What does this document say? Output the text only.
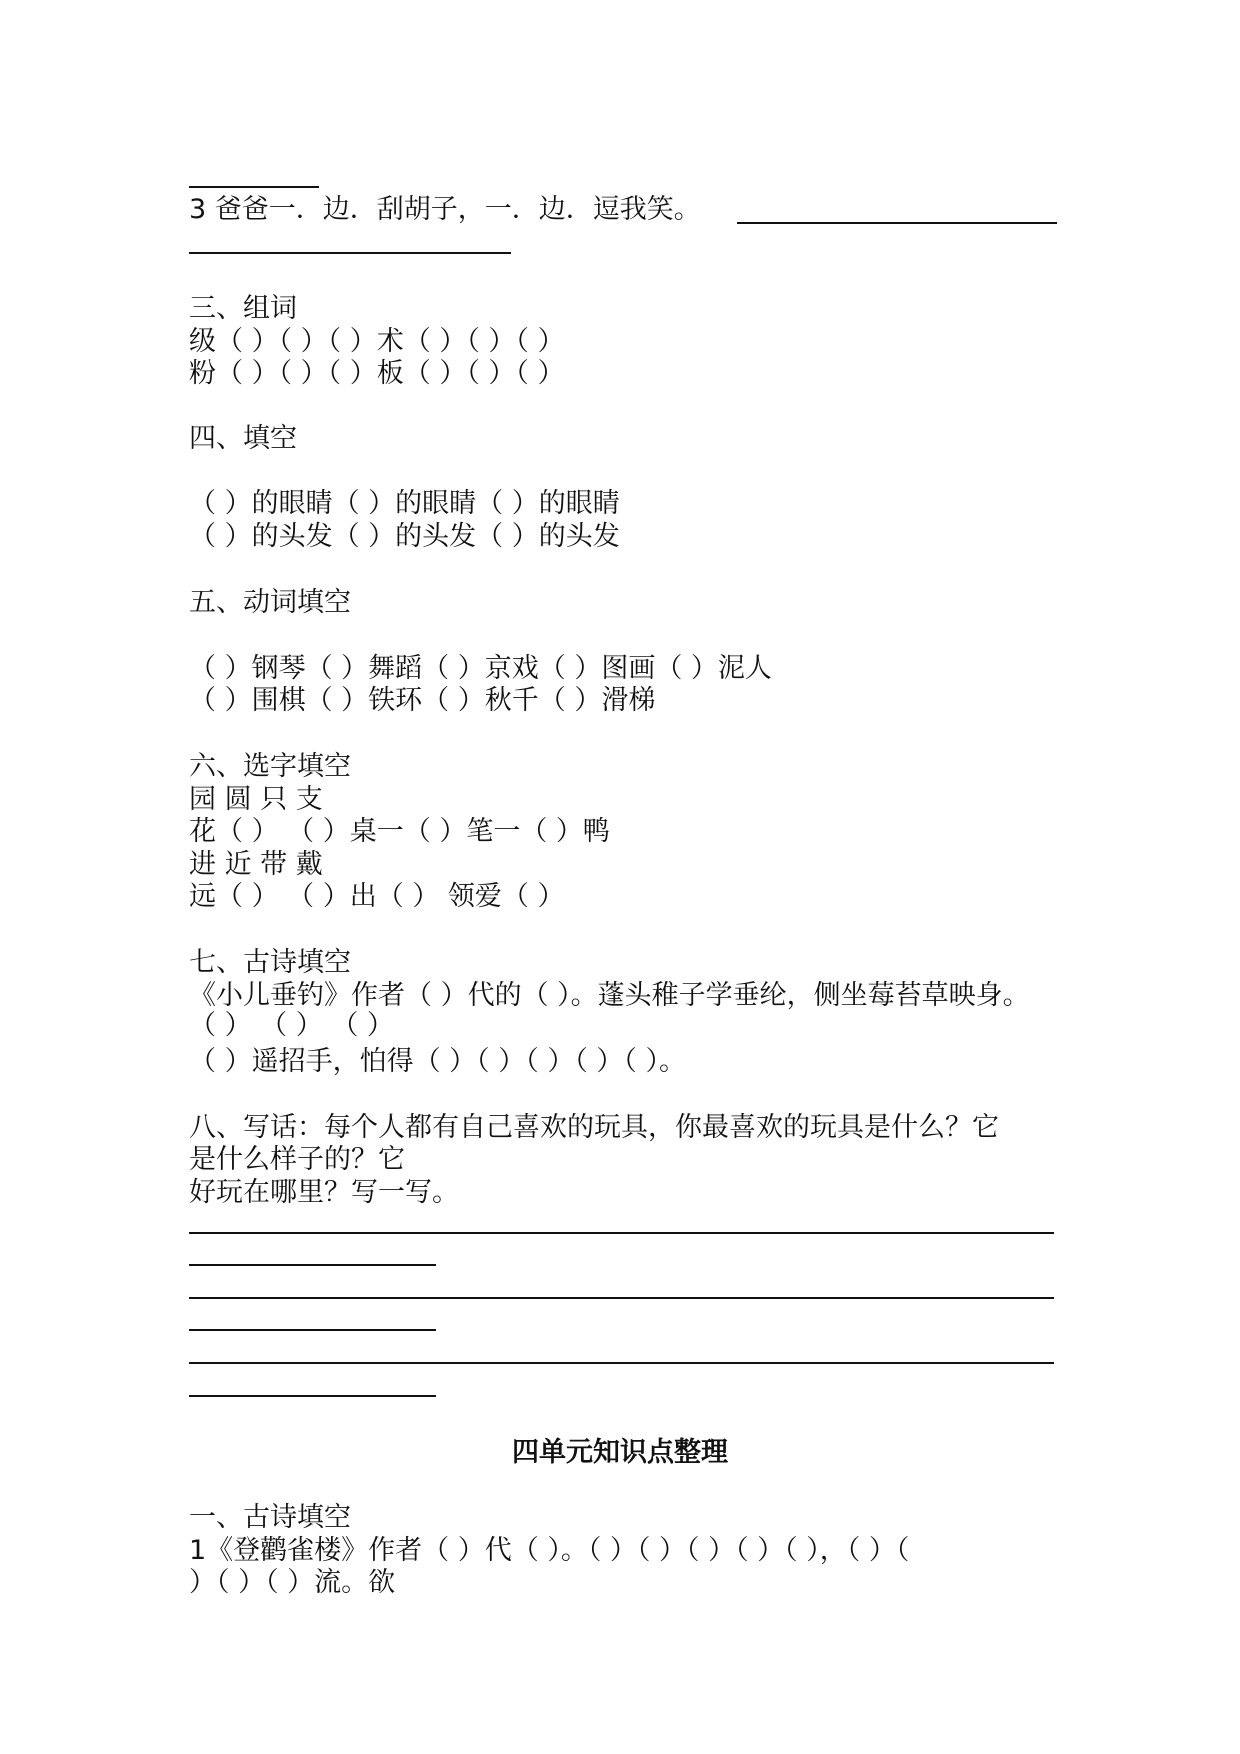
3 爸爸一．边．刮胡子，一．边．逗我笑。
三、组词
级（ ）（ ）（ ）术（ ）（ ）（ ）
粉（ ）（ ）（ ）板（ ）（ ）（ ）
四、填空
（ ）的眼睛（ ）的眼睛（ ）的眼睛
（ ）的头发（ ）的头发（ ）的头发
五、动词填空
（ ）钢琴（ ）舞蹈（ ）京戏（ ）图画（ ）泥人
（ ）围棋（ ）铁环（ ）秋千（ ）滑梯
六、选字填空
园 圆 只 支
花（ ） （ ）桌一（ ）笔一（ ）鸭
进 近 带 戴
远（ ） （ ）出（ ） 领爱（ ）
七、古诗填空
《小儿垂钓》作者（ ）代的（ ）。蓬头稚子学垂纶，侧坐莓苔草映身。
（ ） （ ） （ ）
（ ）遥招手，怕得（ ）（ ）（ ）（ ）（ ）。
八、写话：每个人都有自己喜欢的玩具，你最喜欢的玩具是什么？它
是什么样子的？它
好玩在哪里？写一写。
四单元知识点整理
一、古诗填空
1《登鹳雀楼》作者（ ）代（ ）。（ ）（ ）（ ）（ ）（ ），（ ）（
）（ ）（ ）流。欲
